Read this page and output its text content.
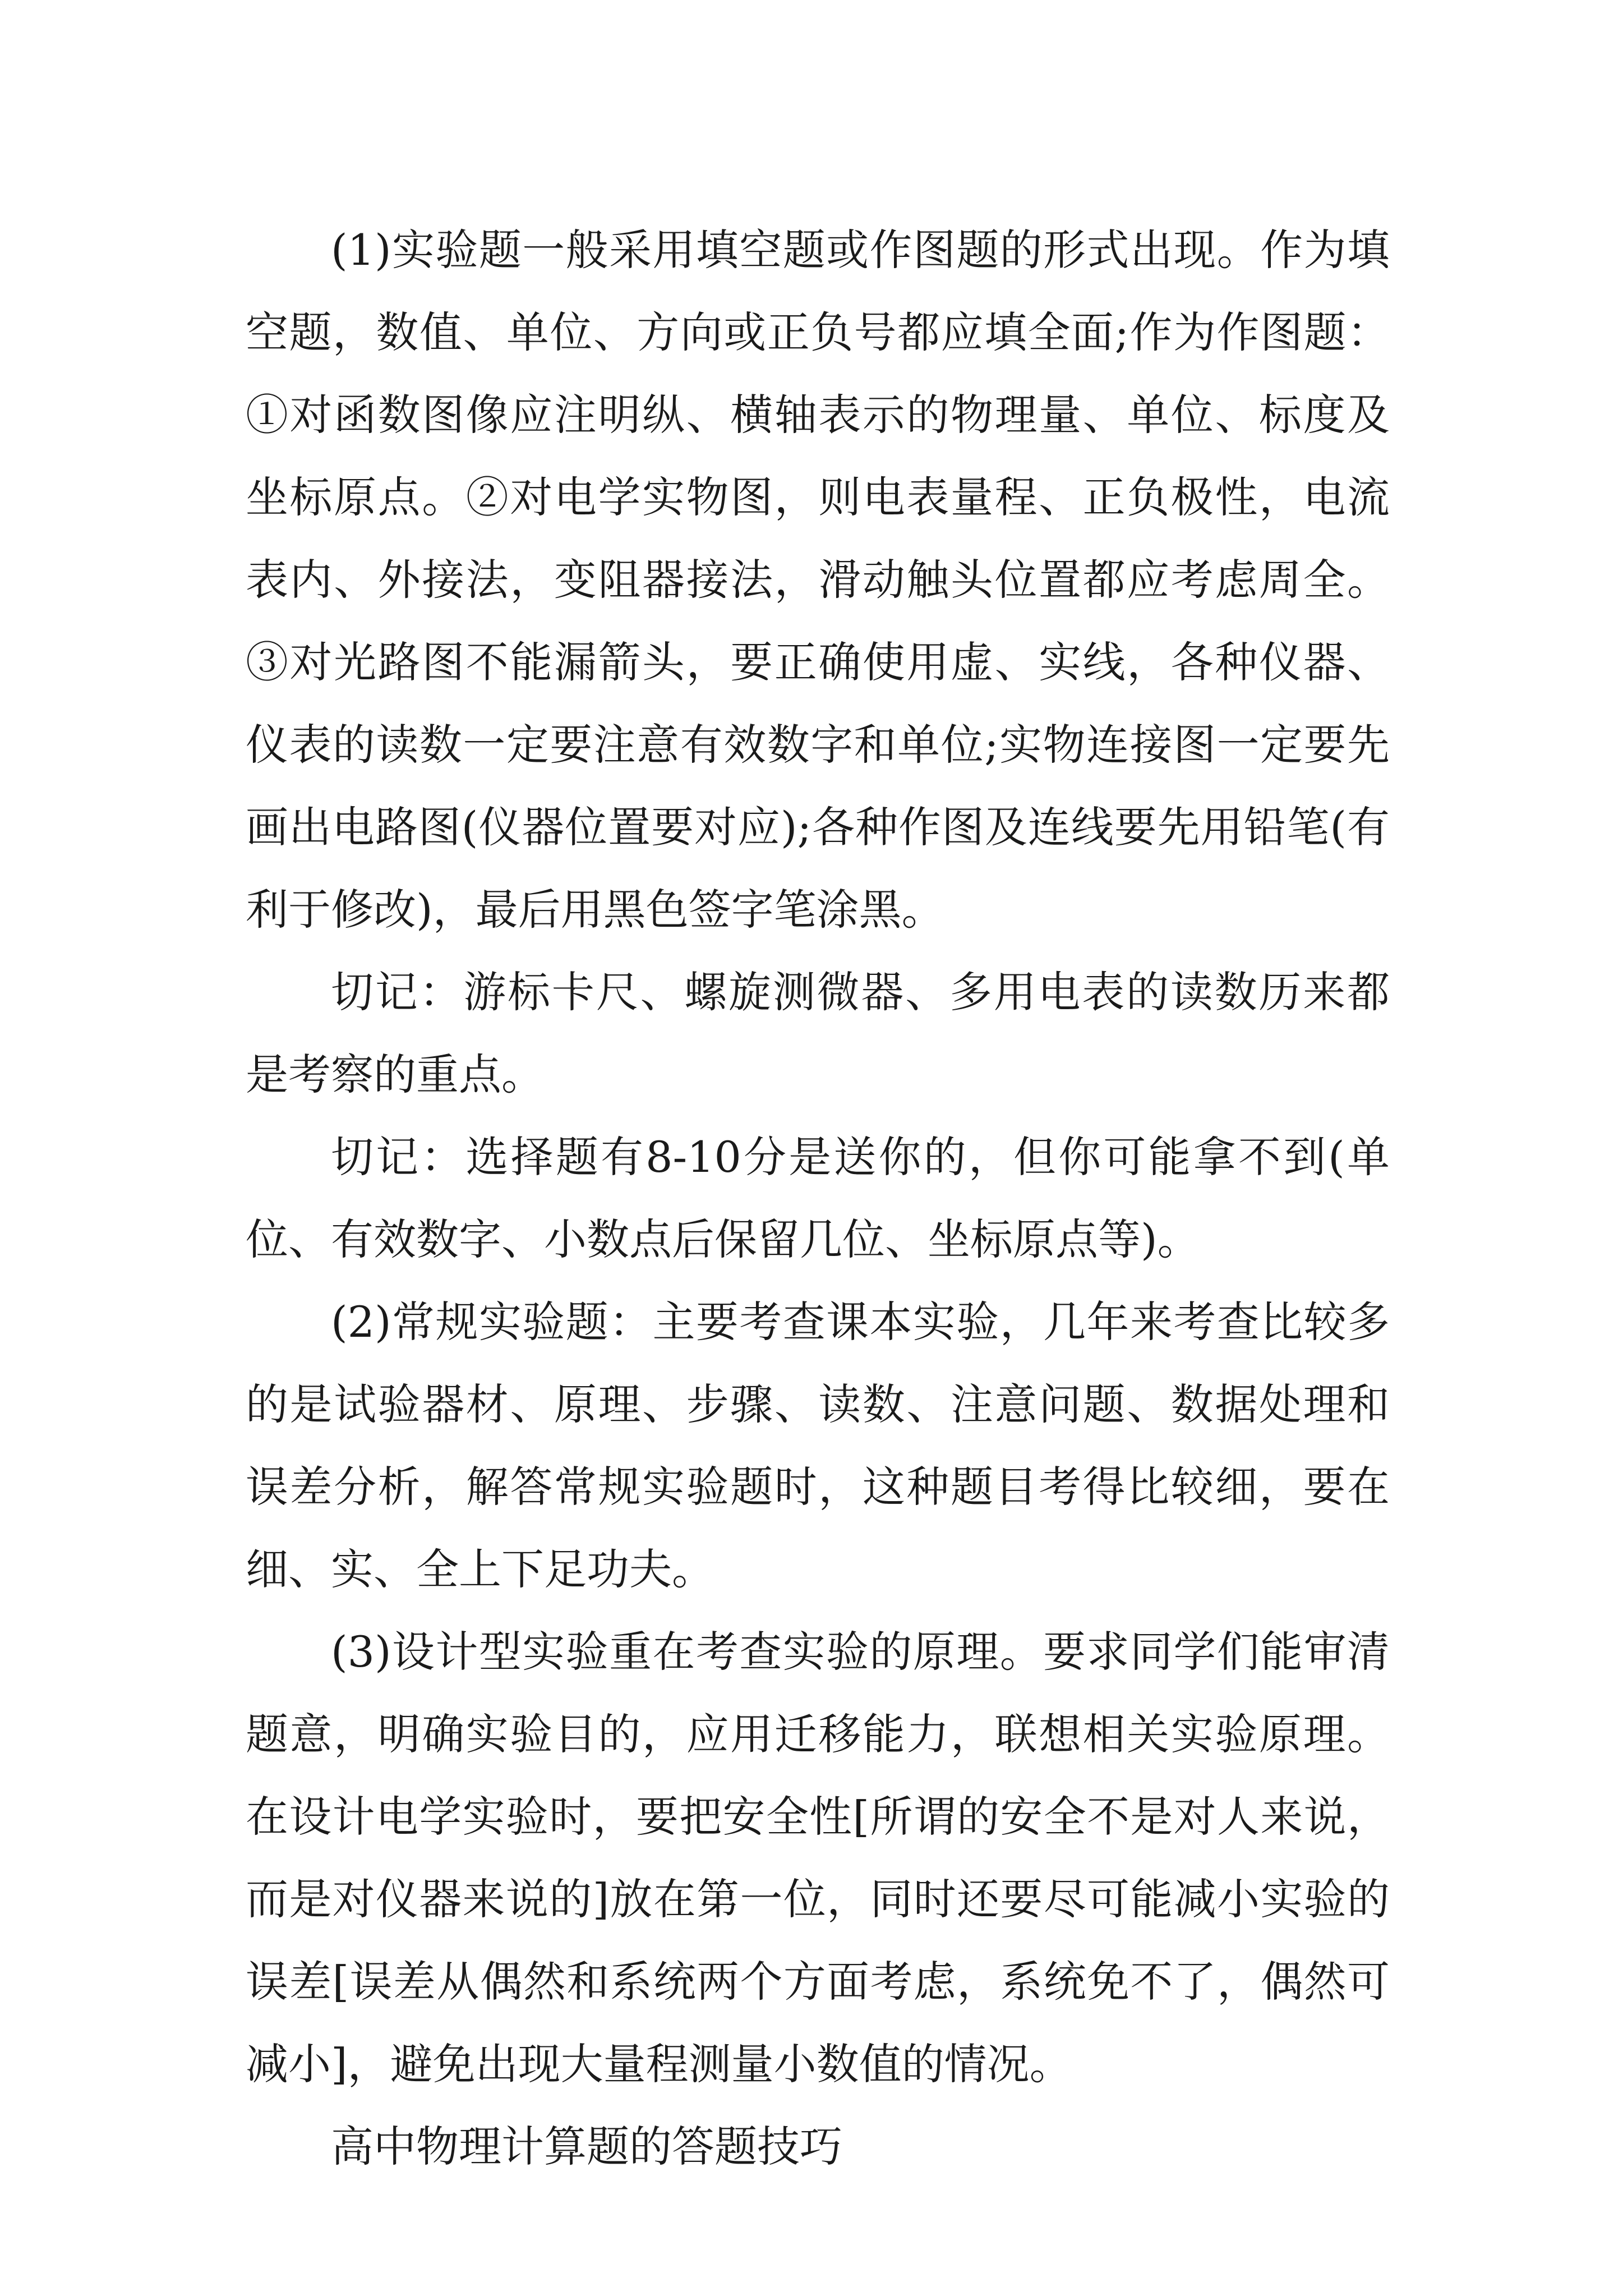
(1)实验题一般采用填空题或作图题的形式出现。作为填空题，数值、单位、方向或正负号都应填全面;作为作图题：①对函数图像应注明纵、横轴表示的物理量、单位、标度及坐标原点。②对电学实物图，则电表量程、正负极性，电流表内、外接法，变阻器接法，滑动触头位置都应考虑周全。③对光路图不能漏箭头，要正确使用虚、实线，各种仪器、仪表的读数一定要注意有效数字和单位;实物连接图一定要先画出电路图(仪器位置要对应);各种作图及连线要先用铅笔(有利于修改)，最后用黑色签字笔涂黑。

切记：游标卡尺、螺旋测微器、多用电表的读数历来都是考察的重点。

切记：选择题有8-10分是送你的，但你可能拿不到(单位、有效数字、小数点后保留几位、坐标原点等)。

(2)常规实验题：主要考查课本实验，几年来考查比较多的是试验器材、原理、步骤、读数、注意问题、数据处理和误差分析，解答常规实验题时，这种题目考得比较细，要在细、实、全上下足功夫。

(3)设计型实验重在考查实验的原理。要求同学们能审清题意，明确实验目的，应用迁移能力，联想相关实验原理。在设计电学实验时，要把安全性[所谓的安全不是对人来说，而是对仪器来说的]放在第一位，同时还要尽可能减小实验的误差[误差从偶然和系统两个方面考虑，系统免不了，偶然可减小]，避免出现大量程测量小数值的情况。

高中物理计算题的答题技巧
